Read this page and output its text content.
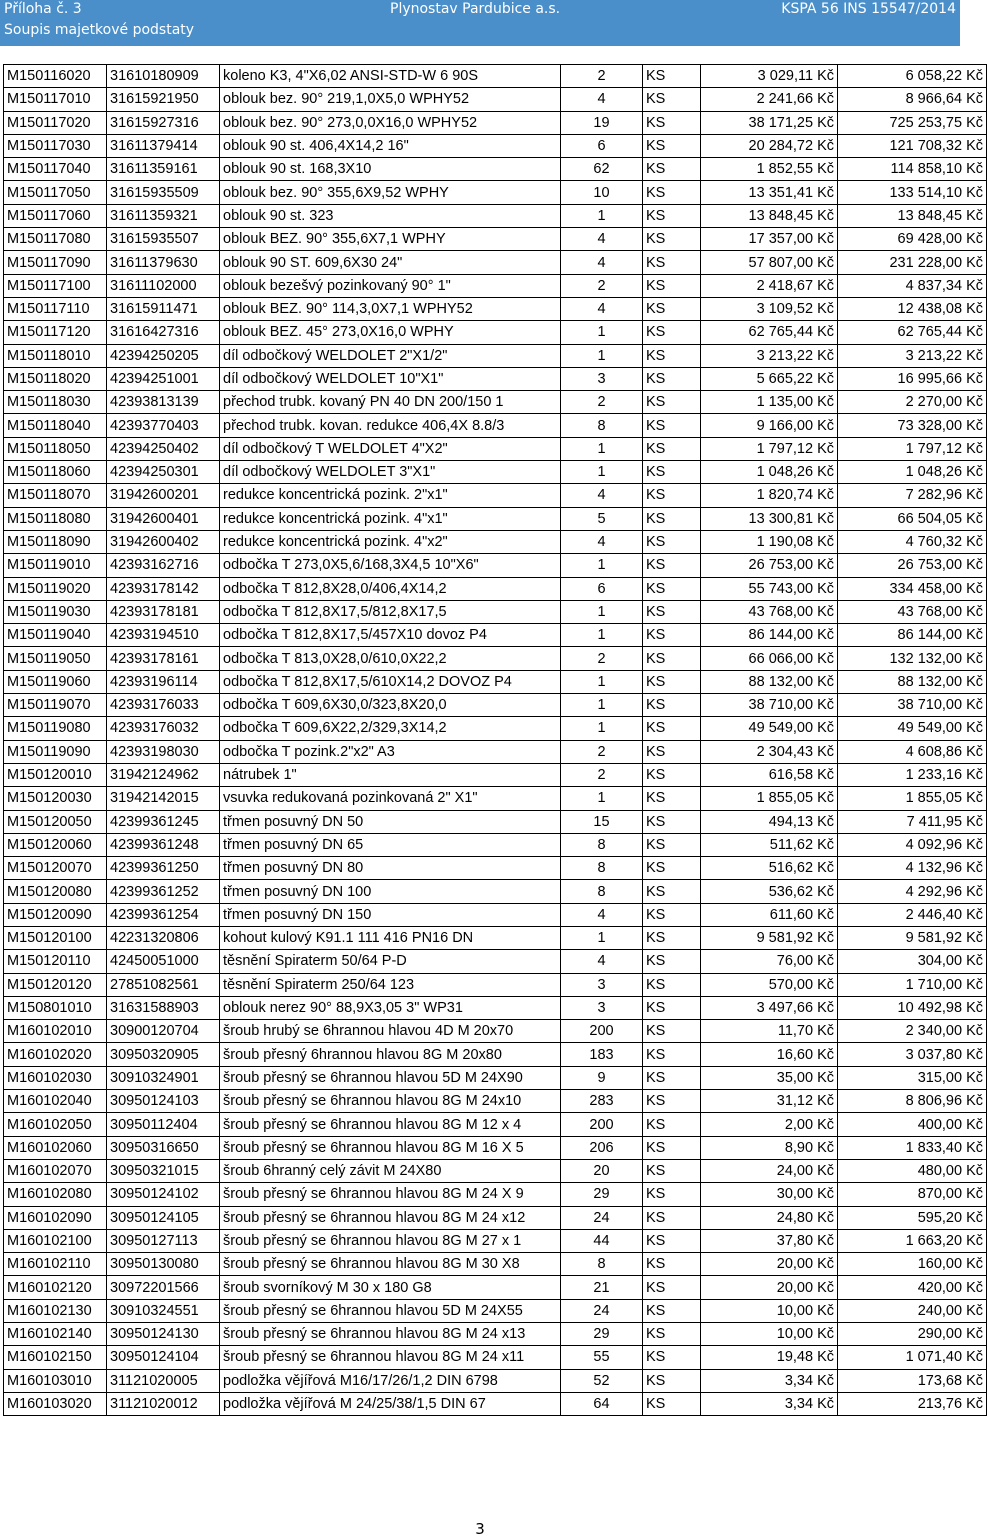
Příloha č. 3
Soupis majetkové podstaty
Plynostav Pardubice a.s.	KSPA 56 INS 15547/2014
M150116020	31610180909	koleno K3, 4"X6,02 ANSI-STD-W 6 90S	2	KS	3 029,11 Kč	6 058,22 Kč
M150117010	31615921950	oblouk bez. 90° 219,1,0X5,0 WPHY52	4	KS	2 241,66 Kč	8 966,64 Kč
M150117020	31615927316	oblouk bez. 90° 273,0,0X16,0 WPHY52	19	KS	38 171,25 Kč	725 253,75 Kč
M150117030	31611379414	oblouk 90 st. 406,4X14,2 16"	6	KS	20 284,72 Kč	121 708,32 Kč
M150117040	31611359161	oblouk 90 st. 168,3X10	62	KS	1 852,55 Kč	114 858,10 Kč
M150117050	31615935509	oblouk bez. 90° 355,6X9,52 WPHY	10	KS	13 351,41 Kč	133 514,10 Kč
M150117060	31611359321	oblouk 90 st. 323	1	KS	13 848,45 Kč	13 848,45 Kč
M150117080	31615935507	oblouk BEZ. 90° 355,6X7,1 WPHY	4	KS	17 357,00 Kč	69 428,00 Kč
M150117090	31611379630	oblouk 90 ST. 609,6X30 24"	4	KS	57 807,00 Kč	231 228,00 Kč
M150117100	31611102000	oblouk bezešvý pozinkovaný 90° 1"	2	KS	2 418,67 Kč	4 837,34 Kč
M150117110	31615911471	oblouk BEZ. 90° 114,3,0X7,1 WPHY52	4	KS	3 109,52 Kč	12 438,08 Kč
M150117120	31616427316	oblouk BEZ. 45° 273,0X16,0 WPHY	1	KS	62 765,44 Kč	62 765,44 Kč
M150118010	42394250205	díl odbočkový WELDOLET 2"X1/2"	1	KS	3 213,22 Kč	3 213,22 Kč
M150118020	42394251001	díl odbočkový WELDOLET 10"X1"	3	KS	5 665,22 Kč	16 995,66 Kč
M150118030	42393813139	přechod trubk. kovaný PN 40 DN 200/150 1	2	KS	1 135,00 Kč	2 270,00 Kč
M150118040	42393770403	přechod trubk. kovan. redukce 406,4X 8.8/3	8	KS	9 166,00 Kč	73 328,00 Kč
M150118050	42394250402	díl odbočkový T WELDOLET 4"X2"	1	KS	1 797,12 Kč	1 797,12 Kč
M150118060	42394250301	díl odbočkový WELDOLET 3"X1"	1	KS	1 048,26 Kč	1 048,26 Kč
M150118070	31942600201	redukce koncentrická pozink. 2"x1"	4	KS	1 820,74 Kč	7 282,96 Kč
M150118080	31942600401	redukce koncentrická pozink. 4"x1"	5	KS	13 300,81 Kč	66 504,05 Kč
M150118090	31942600402	redukce koncentrická pozink. 4"x2"	4	KS	1 190,08 Kč	4 760,32 Kč
M150119010	42393162716	odbočka T 273,0X5,6/168,3X4,5 10"X6"	1	KS	26 753,00 Kč	26 753,00 Kč
M150119020	42393178142	odbočka T 812,8X28,0/406,4X14,2	6	KS	55 743,00 Kč	334 458,00 Kč
M150119030	42393178181	odbočka T 812,8X17,5/812,8X17,5	1	KS	43 768,00 Kč	43 768,00 Kč
M150119040	42393194510	odbočka T 812,8X17,5/457X10 dovoz P4	1	KS	86 144,00 Kč	86 144,00 Kč
M150119050	42393178161	odbočka T 813,0X28,0/610,0X22,2	2	KS	66 066,00 Kč	132 132,00 Kč
M150119060	42393196114	odbočka T 812,8X17,5/610X14,2 DOVOZ P4	1	KS	88 132,00 Kč	88 132,00 Kč
M150119070	42393176033	odbočka T 609,6X30,0/323,8X20,0	1	KS	38 710,00 Kč	38 710,00 Kč
M150119080	42393176032	odbočka T 609,6X22,2/329,3X14,2	1	KS	49 549,00 Kč	49 549,00 Kč
M150119090	42393198030	odbočka T pozink.2"x2" A3	2	KS	2 304,43 Kč	4 608,86 Kč
M150120010	31942124962	nátrubek 1"	2	KS	616,58 Kč	1 233,16 Kč
M150120030	31942142015	vsuvka redukovaná pozinkovaná 2" X1"	1	KS	1 855,05 Kč	1 855,05 Kč
M150120050	42399361245	třmen posuvný DN 50	15	KS	494,13 Kč	7 411,95 Kč
M150120060	42399361248	třmen posuvný DN 65	8	KS	511,62 Kč	4 092,96 Kč
M150120070	42399361250	třmen posuvný DN 80	8	KS	516,62 Kč	4 132,96 Kč
M150120080	42399361252	třmen posuvný DN 100	8	KS	536,62 Kč	4 292,96 Kč
M150120090	42399361254	třmen posuvný DN 150	4	KS	611,60 Kč	2 446,40 Kč
M150120100	42231320806	kohout kulový K91.1 111 416 PN16 DN	1	KS	9 581,92 Kč	9 581,92 Kč
M150120110	42450051000	těsnění Spiraterm 50/64 P-D	4	KS	76,00 Kč	304,00 Kč
M150120120	27851082561	těsnění Spiraterm 250/64 123	3	KS	570,00 Kč	1 710,00 Kč
M150801010	31631588903	oblouk nerez 90° 88,9X3,05 3" WP31	3	KS	3 497,66 Kč	10 492,98 Kč
M160102010	30900120704	šroub hrubý se 6hrannou hlavou 4D M 20x70	200	KS	11,70 Kč	2 340,00 Kč
M160102020	30950320905	šroub přesný 6hrannou hlavou 8G M 20x80	183	KS	16,60 Kč	3 037,80 Kč
M160102030	30910324901	šroub přesný se 6hrannou hlavou 5D M 24X90	9	KS	35,00 Kč	315,00 Kč
M160102040	30950124103	šroub přesný se 6hrannou hlavou 8G M 24x10	283	KS	31,12 Kč	8 806,96 Kč
M160102050	30950112404	šroub přesný se 6hrannou hlavou 8G M 12 x 4	200	KS	2,00 Kč	400,00 Kč
M160102060	30950316650	šroub přesný se 6hrannou hlavou 8G M 16 X 5	206	KS	8,90 Kč	1 833,40 Kč
M160102070	30950321015	šroub 6hranný celý závit M 24X80	20	KS	24,00 Kč	480,00 Kč
M160102080	30950124102	šroub přesný se 6hrannou hlavou 8G M 24 X 9	29	KS	30,00 Kč	870,00 Kč
M160102090	30950124105	šroub přesný se 6hrannou hlavou 8G M 24 x12	24	KS	24,80 Kč	595,20 Kč
M160102100	30950127113	šroub přesný se 6hrannou hlavou 8G M 27 x 1	44	KS	37,80 Kč	1 663,20 Kč
M160102110	30950130080	šroub přesný se 6hrannou hlavou 8G M 30 X8	8	KS	20,00 Kč	160,00 Kč
M160102120	30972201566	šroub svorníkový M 30 x 180 G8	21	KS	20,00 Kč	420,00 Kč
M160102130	30910324551	šroub přesný se 6hrannou hlavou 5D M 24X55	24	KS	10,00 Kč	240,00 Kč
M160102140	30950124130	šroub přesný se 6hrannou hlavou 8G M 24 x13	29	KS	10,00 Kč	290,00 Kč
M160102150	30950124104	šroub přesný se 6hrannou hlavou 8G M 24 x11	55	KS	19,48 Kč	1 071,40 Kč
M160103010	31121020005	podložka vějířová M16/17/26/1,2 DIN 6798	52	KS	3,34 Kč	173,68 Kč
M160103020	31121020012	podložka vějířová M 24/25/38/1,5 DIN 67	64	KS	3,34 Kč	213,76 Kč
3
